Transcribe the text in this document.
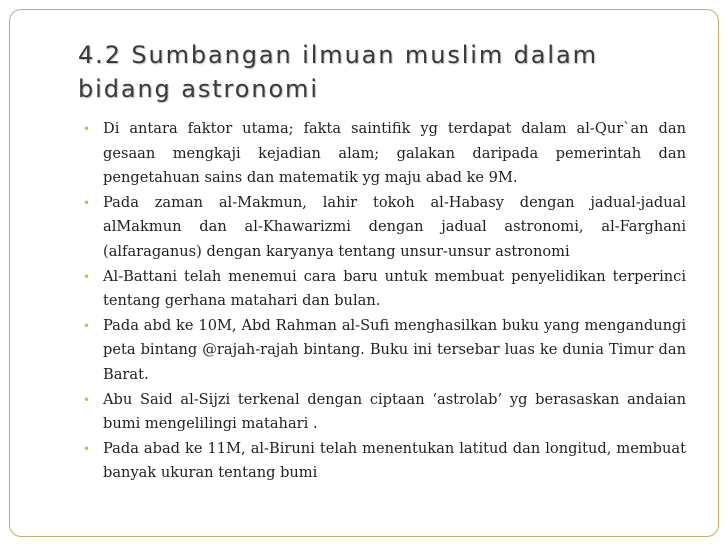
4.2 Sumbangan ilmuan muslim dalam bidang astronomi
• Di antara faktor utama; fakta saintifik yg terdapat dalam al-Qur`an dan gesaan mengkaji kejadian alam; galakan daripada pemerintah dan pengetahuan sains dan matematik yg maju abad ke 9M.
• Pada zaman al-Makmun, lahir tokoh al-Habasy dengan jadual-jadual alMakmun dan al-Khawarizmi dengan jadual astronomi, al-Farghani (alfaraganus) dengan karyanya tentang unsur-unsur astronomi
• Al-Battani telah menemui cara baru untuk membuat penyelidikan terperinci tentang gerhana matahari dan bulan.
• Pada abd ke 10M, Abd Rahman al-Sufi menghasilkan buku yang mengandungi peta bintang @rajah-rajah bintang. Buku ini tersebar luas ke dunia Timur dan Barat.
• Abu Said al-Sijzi terkenal dengan ciptaan ‘astrolab’ yg berasaskan andaian bumi mengelilingi matahari .
• Pada abad ke 11M, al-Biruni telah menentukan latitud dan longitud, membuat banyak ukuran tentang bumi
